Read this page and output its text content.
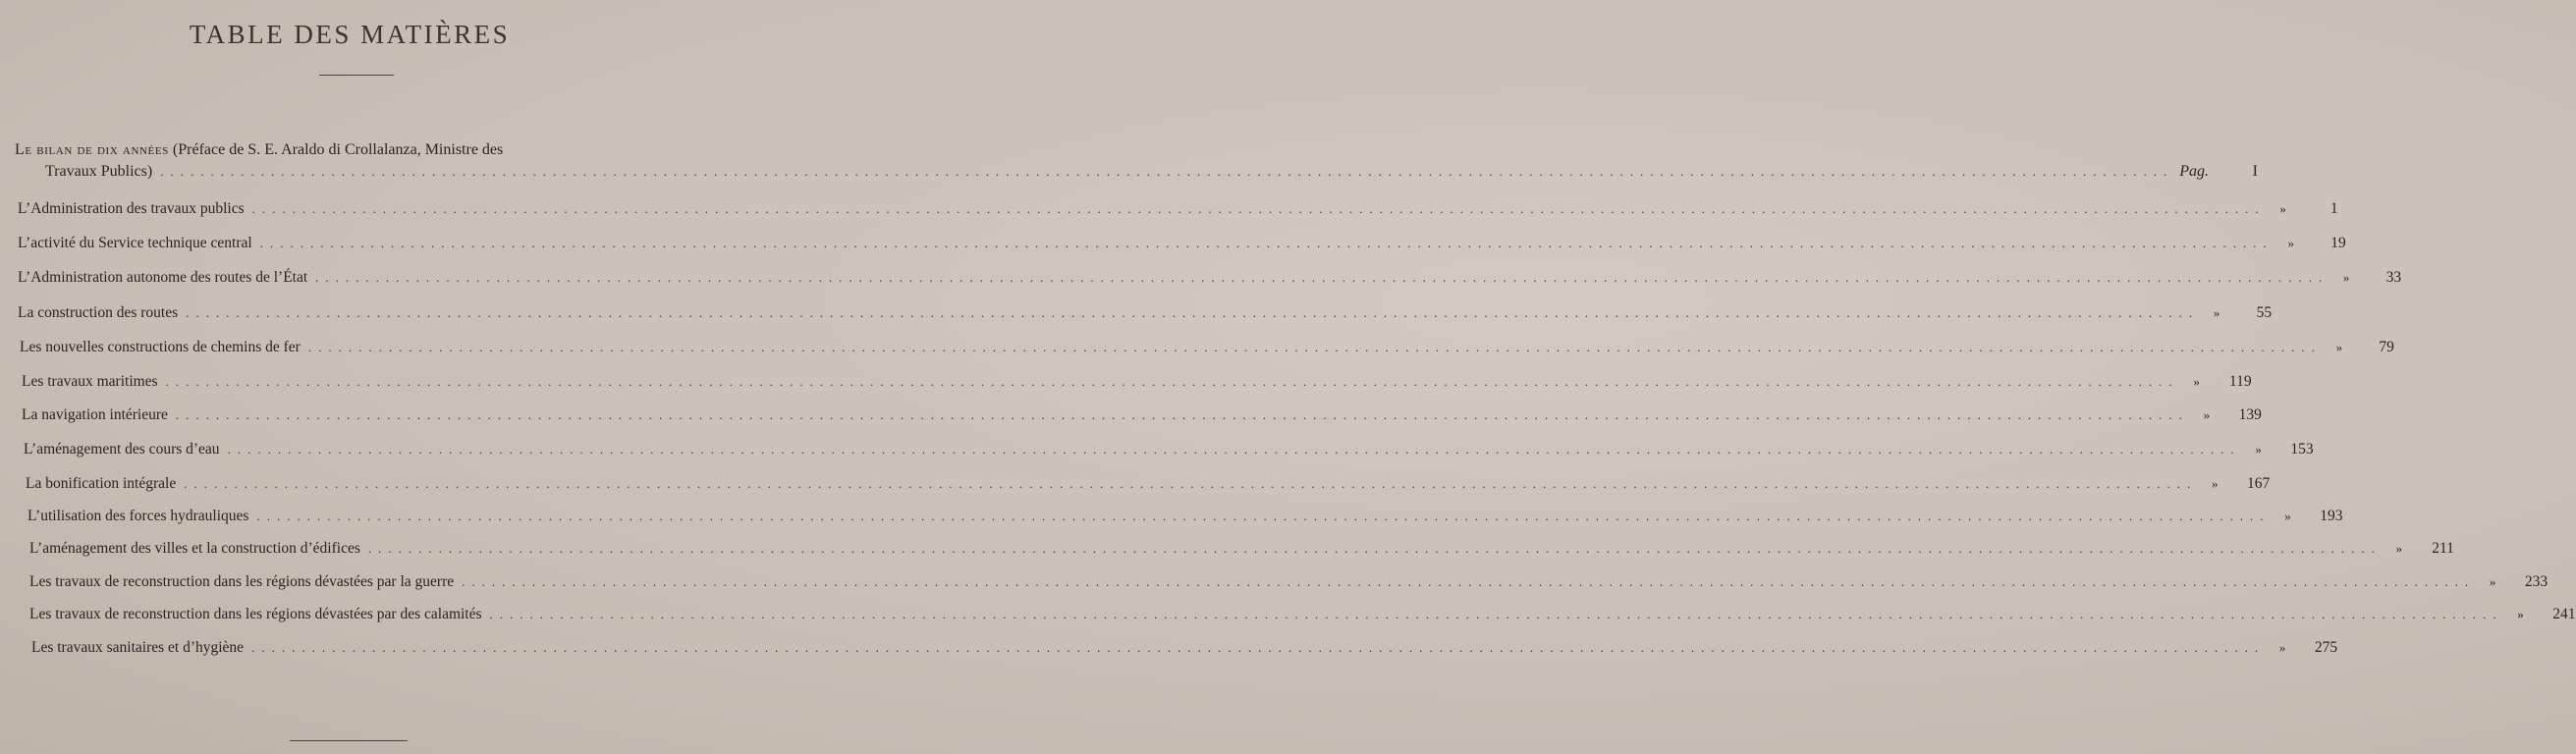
TABLE DES MATIÈRES
Le bilan de dix années (Préface de S. E. Araldo di Crollalanza, Ministre des
Travaux Publics) ........................................................................................................................................................................................................ Pag.	I
L’Administration des travaux publics ........................................................................................................................................................................................................	»	1
L’activité du Service technique central ........................................................................................................................................................................................................	»	19
L’Administration autonome des routes de l’État ........................................................................................................................................................................................................	»	33
La construction des routes ........................................................................................................................................................................................................	»	55
Les nouvelles constructions de chemins de fer ........................................................................................................................................................................................................	»	79
Les travaux maritimes ........................................................................................................................................................................................................	»	119
La navigation intérieure ........................................................................................................................................................................................................	»	139
L’aménagement des cours d’eau ........................................................................................................................................................................................................	»	153
La bonification intégrale ........................................................................................................................................................................................................	»	167
L’utilisation des forces hydrauliques ........................................................................................................................................................................................................	»	193
L’aménagement des villes et la construction d’édifices ........................................................................................................................................................................................................	»	211
Les travaux de reconstruction dans les régions dévastées par la guerre ........................................................................................................................................................................................................	»	233
Les travaux de reconstruction dans les régions dévastées par des calamités ........................................................................................................................................................................................................	»	241
Les travaux sanitaires et d’hygiène ........................................................................................................................................................................................................	»	275
